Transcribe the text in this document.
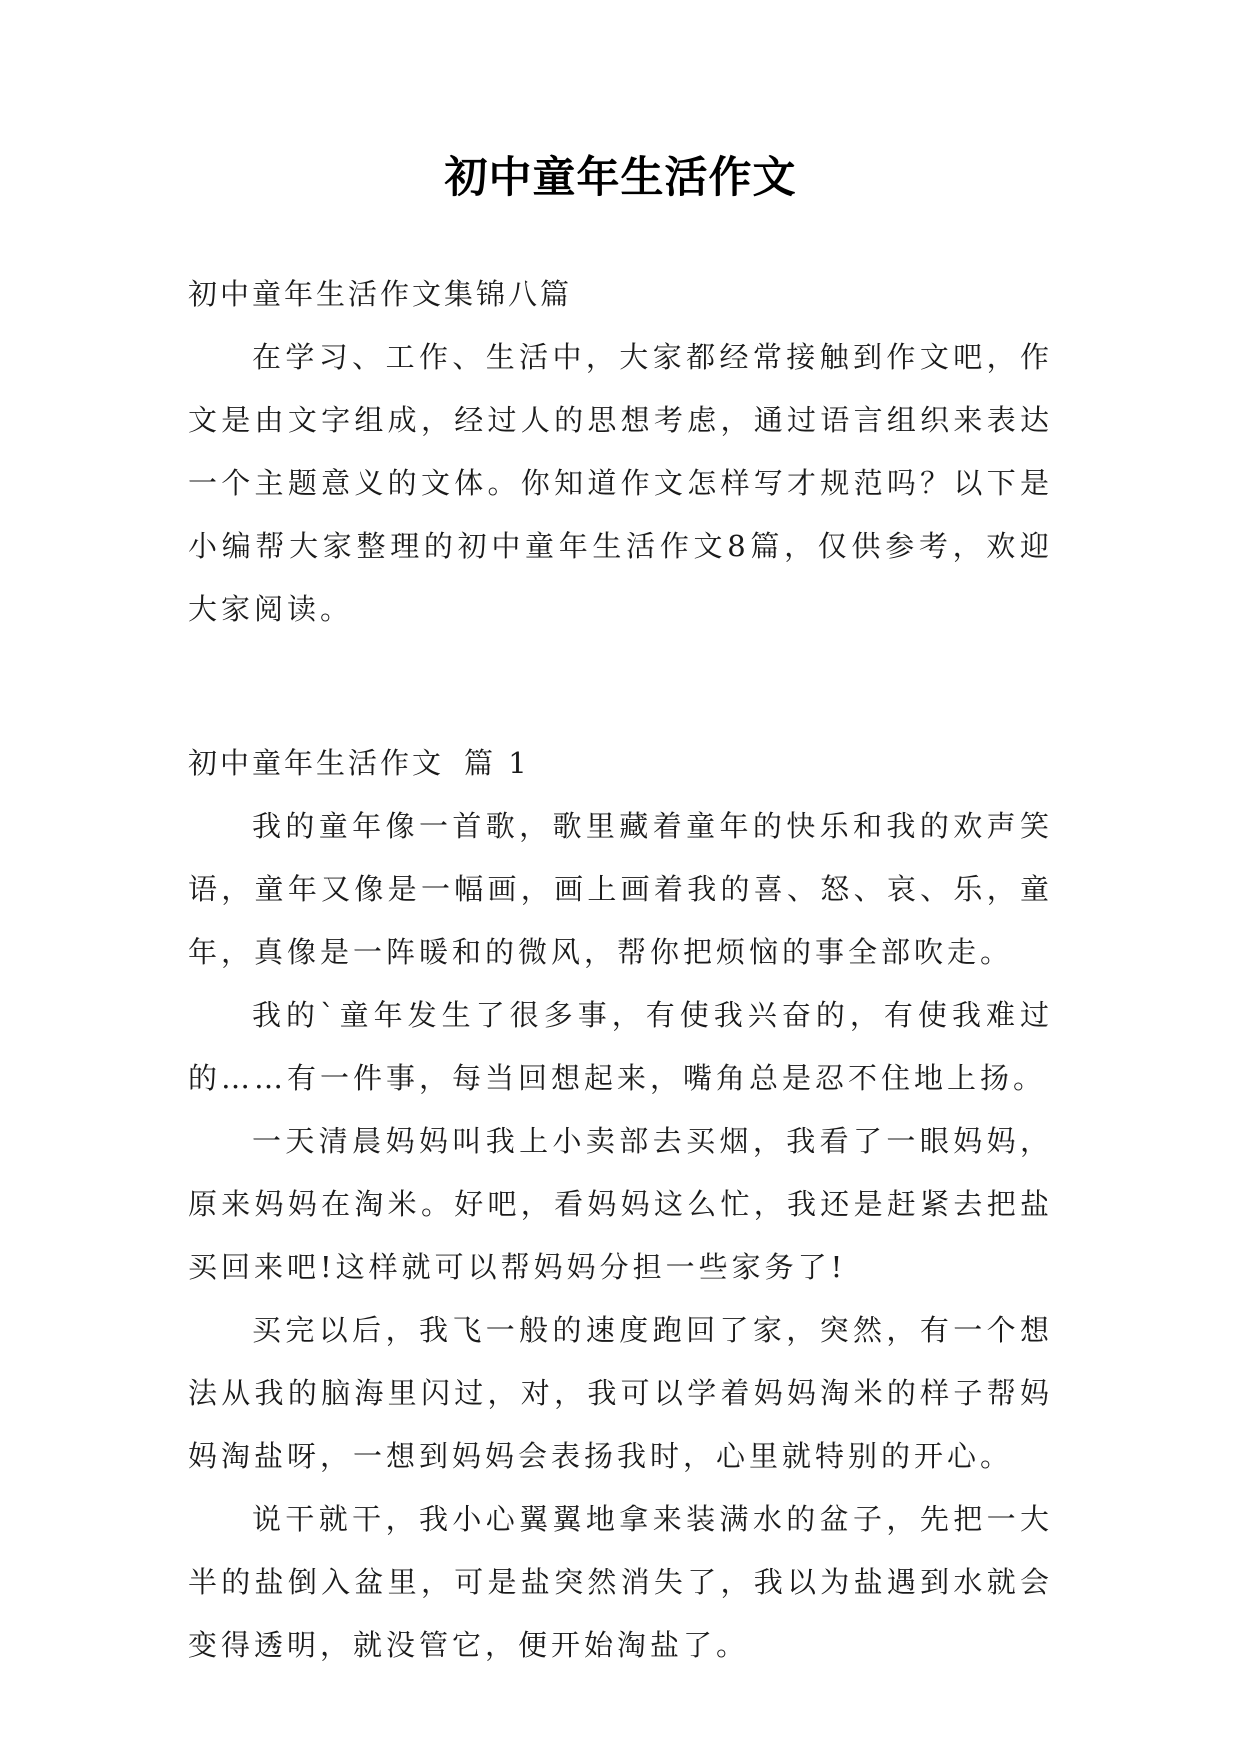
初中童年生活作文

初中童年生活作文集锦八篇

在学习、工作、生活中，大家都经常接触到作文吧，作文是由文字组成，经过人的思想考虑，通过语言组织来表达一个主题意义的文体。你知道作文怎样写才规范吗？以下是小编帮大家整理的初中童年生活作文8篇，仅供参考，欢迎大家阅读。

初中童年生活作文 篇 1

我的童年像一首歌，歌里藏着童年的快乐和我的欢声笑语，童年又像是一幅画，画上画着我的喜、怒、哀、乐，童年，真像是一阵暖和的微风，帮你把烦恼的事全部吹走。

我的`童年发生了很多事，有使我兴奋的，有使我难过的……有一件事，每当回想起来，嘴角总是忍不住地上扬。

一天清晨妈妈叫我上小卖部去买烟，我看了一眼妈妈，原来妈妈在淘米。好吧，看妈妈这么忙，我还是赶紧去把盐买回来吧!这样就可以帮妈妈分担一些家务了!

买完以后，我飞一般的速度跑回了家，突然，有一个想法从我的脑海里闪过，对，我可以学着妈妈淘米的样子帮妈妈淘盐呀，一想到妈妈会表扬我时，心里就特别的开心。

说干就干，我小心翼翼地拿来装满水的盆子，先把一大半的盐倒入盆里，可是盐突然消失了，我以为盐遇到水就会变得透明，就没管它，便开始淘盐了。
